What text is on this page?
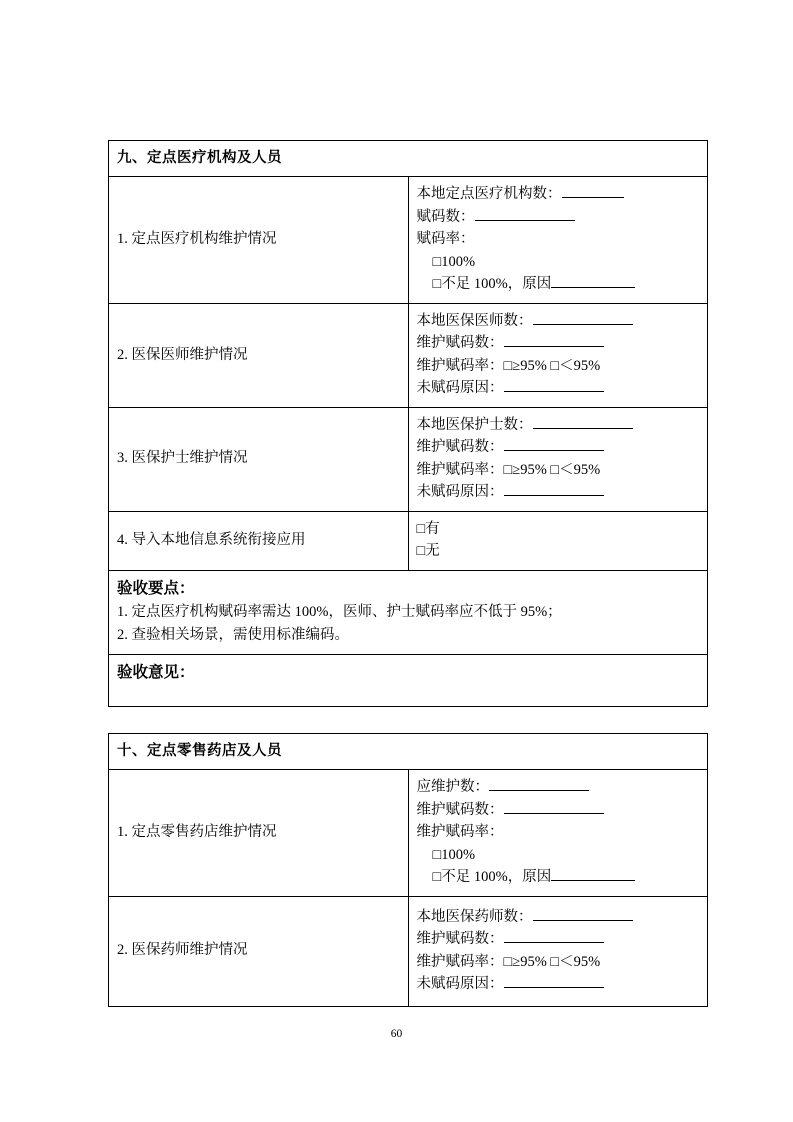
九、定点医疗机构及人员	
1. 定点医疗机构维护情况	本地定点医疗机构数：
赋码数：
赋码率：
□100%
□不足 100%，原因

2. 医保医师维护情况	本地医保医师数：
维护赋码数：
维护赋码率：□≥95% □＜95%
未赋码原因：

3. 医保护士维护情况	本地医保护士数：
维护赋码数：
维护赋码率：□≥95% □＜95%
未赋码原因：

4. 导入本地信息系统衔接应用	□有
□无

验收要点：
1. 定点医疗机构赋码率需达 100%，医师、护士赋码率应不低于 95%；
2. 查验相关场景，需使用标准编码。	

验收意见：	
十、定点零售药店及人员	
1. 定点零售药店维护情况	应维护数：
维护赋码数：
维护赋码率：
□100%
□不足 100%，原因

2. 医保药师维护情况	本地医保药师数：
维护赋码数：
维护赋码率：□≥95% □＜95%
未赋码原因：
60
